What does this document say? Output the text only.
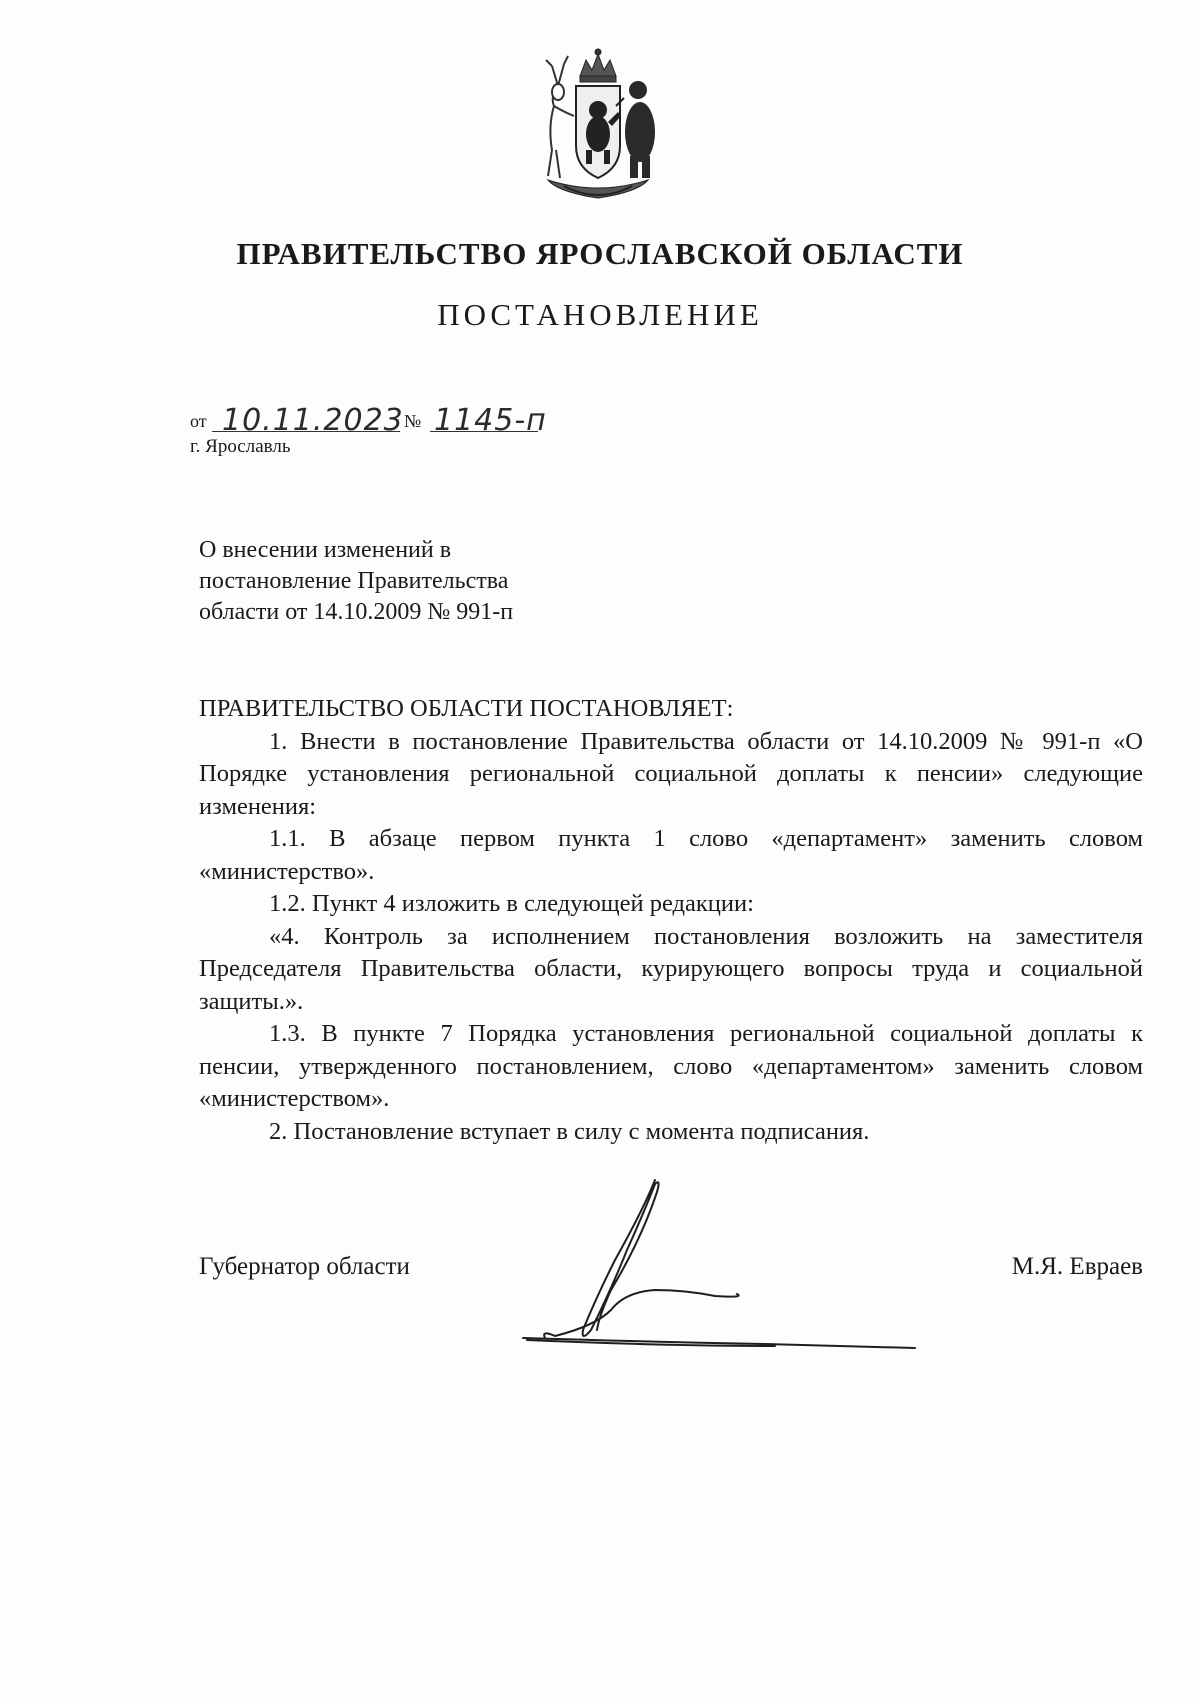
ПРАВИТЕЛЬСТВО ЯРОСЛАВСКОЙ ОБЛАСТИ
ПОСТАНОВЛЕНИЕ
от 10.11.2023 № 1145-п
г. Ярославль
О внесении изменений в
постановление Правительства
области от 14.10.2009 № 991-п

ПРАВИТЕЛЬСТВО ОБЛАСТИ ПОСТАНОВЛЯЕТ:

1. Внести в постановление Правительства области от 14.10.2009 № 991-п «О Порядке установления региональной социальной доплаты к пенсии» следующие изменения:

1.1. В абзаце первом пункта 1 слово «департамент» заменить словом «министерство».

1.2. Пункт 4 изложить в следующей редакции:

«4. Контроль за исполнением постановления возложить на заместителя Председателя Правительства области, курирующего вопросы труда и социальной защиты.».

1.3. В пункте 7 Порядка установления региональной социальной доплаты к пенсии, утвержденного постановлением, слово «департаментом» заменить словом «министерством».

2. Постановление вступает в силу с момента подписания.

Губернатор области	М.Я. Евраев
